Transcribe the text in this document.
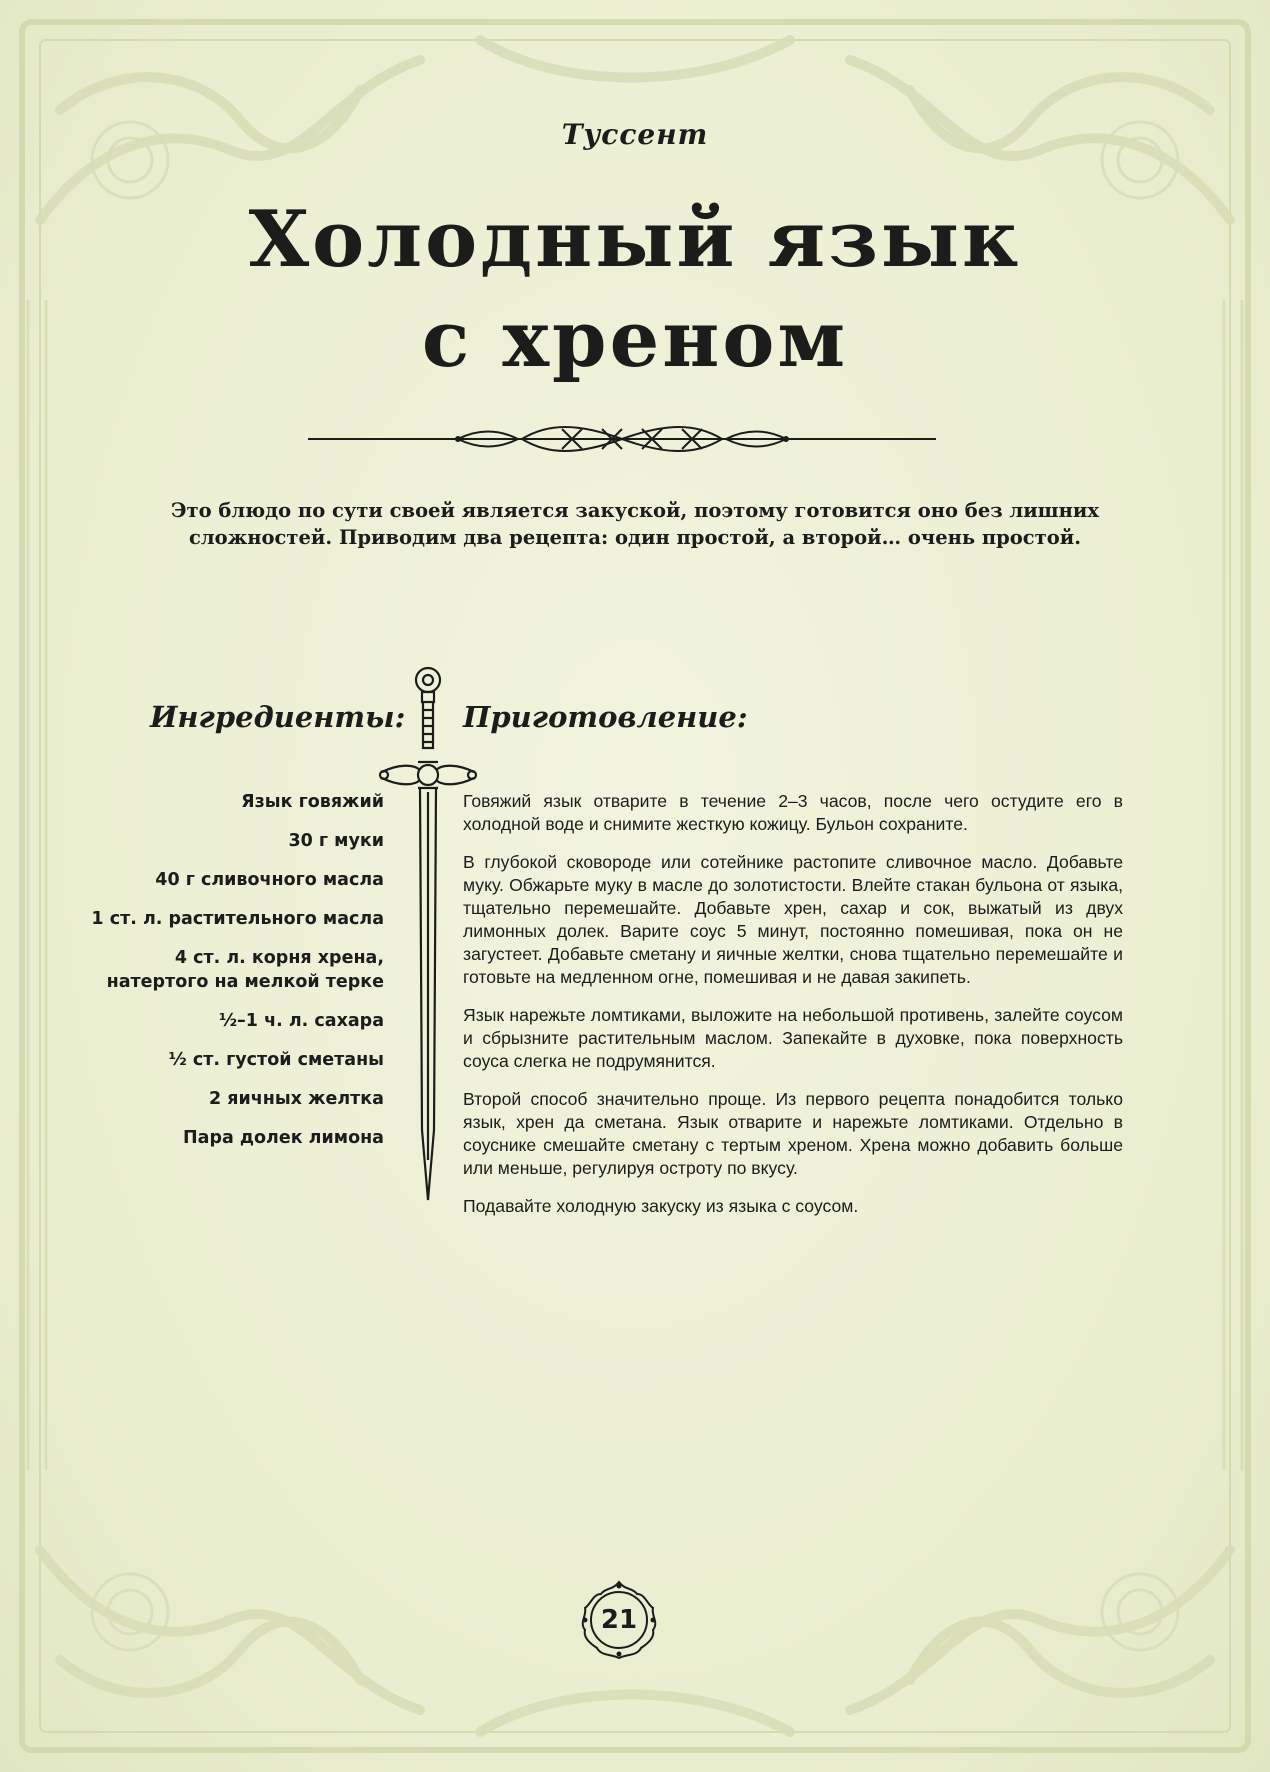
Туссент
Холодный язык
с хреном
Это блюдо по сути своей является закуской, поэтому готовится оно без лишних сложностей. Приводим два рецепта: один простой, а второй… очень простой.
Ингредиенты: Приготовление:
Язык говяжий
30 г муки
40 г сливочного масла
1 ст. л. растительного масла
4 ст. л. корня хрена, натертого на мелкой терке
½–1 ч. л. сахара
½ ст. густой сметаны
2 яичных желтка
Пара долек лимона

Говяжий язык отварите в течение 2–3 часов, после чего остудите его в холодной воде и снимите жесткую кожицу. Бульон сохраните.

В глубокой сковороде или сотейнике растопите сливочное масло. Добавьте муку. Обжарьте муку в масле до золотистости. Влейте стакан бульона от языка, тщательно перемешайте. Добавьте хрен, сахар и сок, выжатый из двух лимонных долек. Варите соус 5 минут, постоянно помешивая, пока он не загустеет. Добавьте сметану и яичные желтки, снова тщательно перемешайте и готовьте на медленном огне, помешивая и не давая закипеть.

Язык нарежьте ломтиками, выложите на небольшой противень, залейте соусом и сбрызните растительным маслом. Запекайте в духовке, пока поверхность соуса слегка не подрумянится.

Второй способ значительно проще. Из первого рецепта понадобится только язык, хрен да сметана. Язык отварите и нарежьте ломтиками. Отдельно в соуснике смешайте сметану с тертым хреном. Хрена можно добавить больше или меньше, регулируя остроту по вкусу.

Подавайте холодную закуску из языка с соусом.

21
